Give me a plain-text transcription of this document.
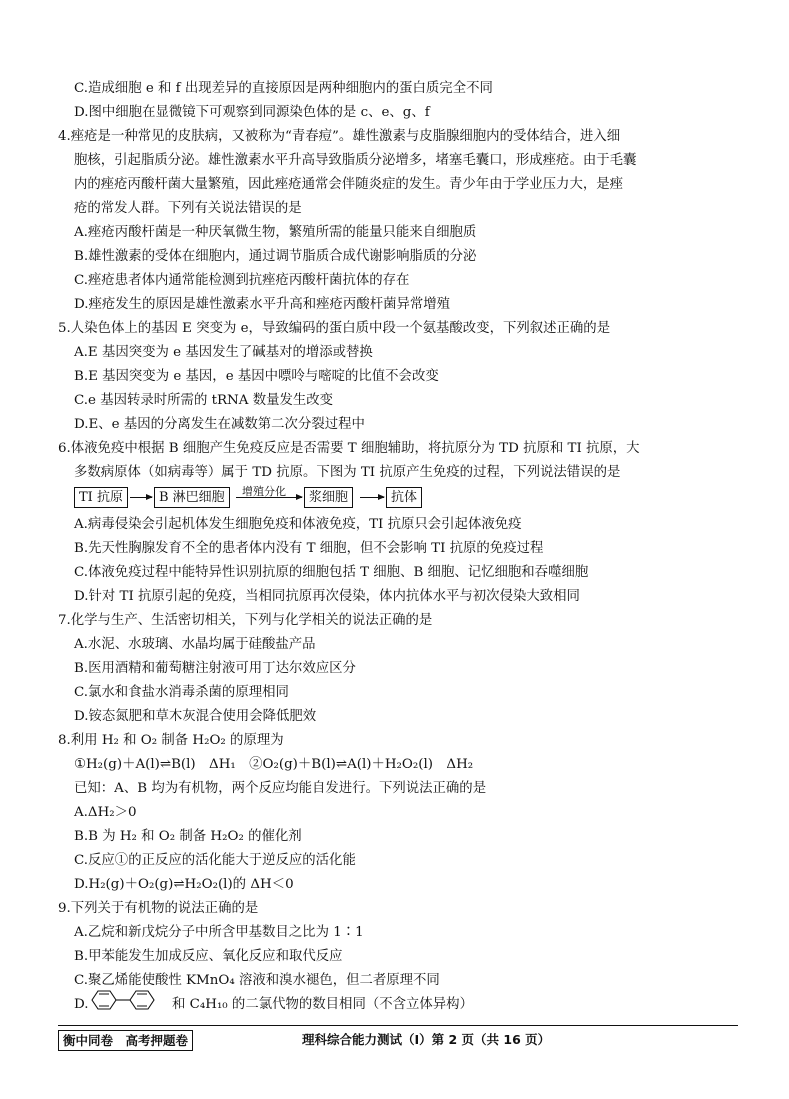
C.造成细胞 e 和 f 出现差异的直接原因是两种细胞内的蛋白质完全不同
D.图中细胞在显微镜下可观察到同源染色体的是 c、e、g、f
4.痤疮是一种常见的皮肤病，又被称为“青春痘”。雄性激素与皮脂腺细胞内的受体结合，进入细
胞核，引起脂质分泌。雄性激素水平升高导致脂质分泌增多，堵塞毛囊口，形成痤疮。由于毛囊
内的痤疮丙酸杆菌大量繁殖，因此痤疮通常会伴随炎症的发生。青少年由于学业压力大，是痤
疮的常发人群。下列有关说法错误的是
A.痤疮丙酸杆菌是一种厌氧微生物，繁殖所需的能量只能来自细胞质
B.雄性激素的受体在细胞内，通过调节脂质合成代谢影响脂质的分泌
C.痤疮患者体内通常能检测到抗痤疮丙酸杆菌抗体的存在
D.痤疮发生的原因是雄性激素水平升高和痤疮丙酸杆菌异常增殖
5.人染色体上的基因 E 突变为 e，导致编码的蛋白质中段一个氨基酸改变，下列叙述正确的是
A.E 基因突变为 e 基因发生了碱基对的增添或替换
B.E 基因突变为 e 基因，e 基因中嘌呤与嘧啶的比值不会改变
C.e 基因转录时所需的 tRNA 数量发生改变
D.E、e 基因的分离发生在减数第二次分裂过程中
6.体液免疫中根据 B 细胞产生免疫反应是否需要 T 细胞辅助，将抗原分为 TD 抗原和 TI 抗原，大
多数病原体（如病毒等）属于 TD 抗原。下图为 TI 抗原产生免疫的过程，下列说法错误的是
A.病毒侵染会引起机体发生细胞免疫和体液免疫，TI 抗原只会引起体液免疫
B.先天性胸腺发育不全的患者体内没有 T 细胞，但不会影响 TI 抗原的免疫过程
C.体液免疫过程中能特异性识别抗原的细胞包括 T 细胞、B 细胞、记忆细胞和吞噬细胞
D.针对 TI 抗原引起的免疫，当相同抗原再次侵染，体内抗体水平与初次侵染大致相同
7.化学与生产、生活密切相关，下列与化学相关的说法正确的是
A.水泥、水玻璃、水晶均属于硅酸盐产品
B.医用酒精和葡萄糖注射液可用丁达尔效应区分
C.氯水和食盐水消毒杀菌的原理相同
D.铵态氮肥和草木灰混合使用会降低肥效
8.利用 H₂ 和 O₂ 制备 H₂O₂ 的原理为
①H₂(g)＋A(l)⇌B(l)　ΔH₁　②O₂(g)＋B(l)⇌A(l)＋H₂O₂(l)　ΔH₂
已知：A、B 均为有机物，两个反应均能自发进行。下列说法正确的是
A.ΔH₂＞0
B.B 为 H₂ 和 O₂ 制备 H₂O₂ 的催化剂
C.反应①的正反应的活化能大于逆反应的活化能
D.H₂(g)＋O₂(g)⇌H₂O₂(l)的 ΔH＜0
9.下列关于有机物的说法正确的是
A.乙烷和新戊烷分子中所含甲基数目之比为 1∶1
B.甲苯能发生加成反应、氧化反应和取代反应
C.聚乙烯能使酸性 KMnO₄ 溶液和溴水褪色，但二者原理不同
TI 抗原	B 淋巴细胞	增殖分化	浆细胞	抗体
D.	和 C₄H₁₀ 的二氯代物的数目相同（不含立体异构）
衡中同卷　高考押题卷	理科综合能力测试（Ⅰ）第 2 页（共 16 页）
